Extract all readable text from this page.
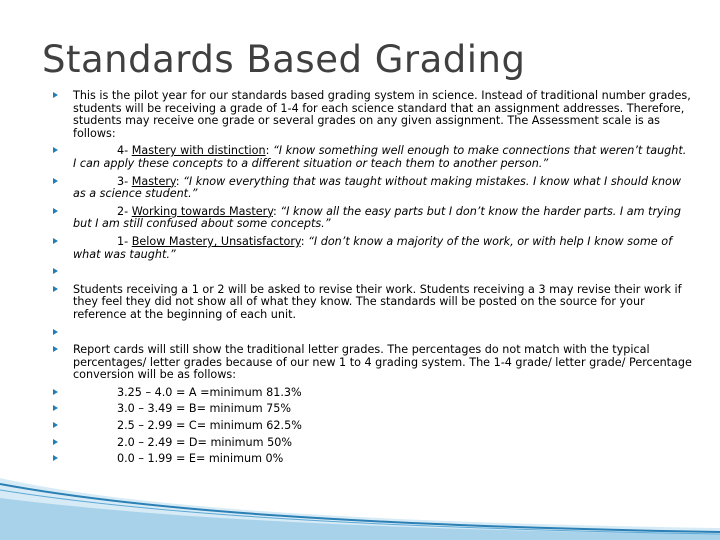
Standards Based Grading
This is the pilot year for our standards based grading system in science. Instead of traditional number grades, students will be receiving a grade of 1-4 for each science standard that an assignment addresses. Therefore, students may receive one grade or several grades on any given assignment. The Assessment scale is as follows:
4- Mastery with distinction: “I know something well enough to make connections that weren’t taught. I can apply these concepts to a different situation or teach them to another person.”
3- Mastery: “I know everything that was taught without making mistakes. I know what I should know as a science student.”
2- Working towards Mastery: “I know all the easy parts but I don’t know the harder parts. I am trying but I am still confused about some concepts.”
1- Below Mastery, Unsatisfactory: “I don’t know a majority of the work, or with help I know some of what was taught.”
Students receiving a 1 or 2 will be asked to revise their work. Students receiving a 3 may revise their work if they feel they did not show all of what they know. The standards will be posted on the source for your reference at the beginning of each unit.
Report cards will still show the traditional letter grades. The percentages do not match with the typical percentages/ letter grades because of our new 1 to 4 grading system. The 1-4 grade/ letter grade/ Percentage conversion will be as follows:
3.25 – 4.0 = A =minimum 81.3%
3.0 – 3.49 = B= minimum 75%
2.5 – 2.99 = C= minimum 62.5%
2.0 – 2.49 = D= minimum 50%
0.0 – 1.99 = E= minimum 0%
